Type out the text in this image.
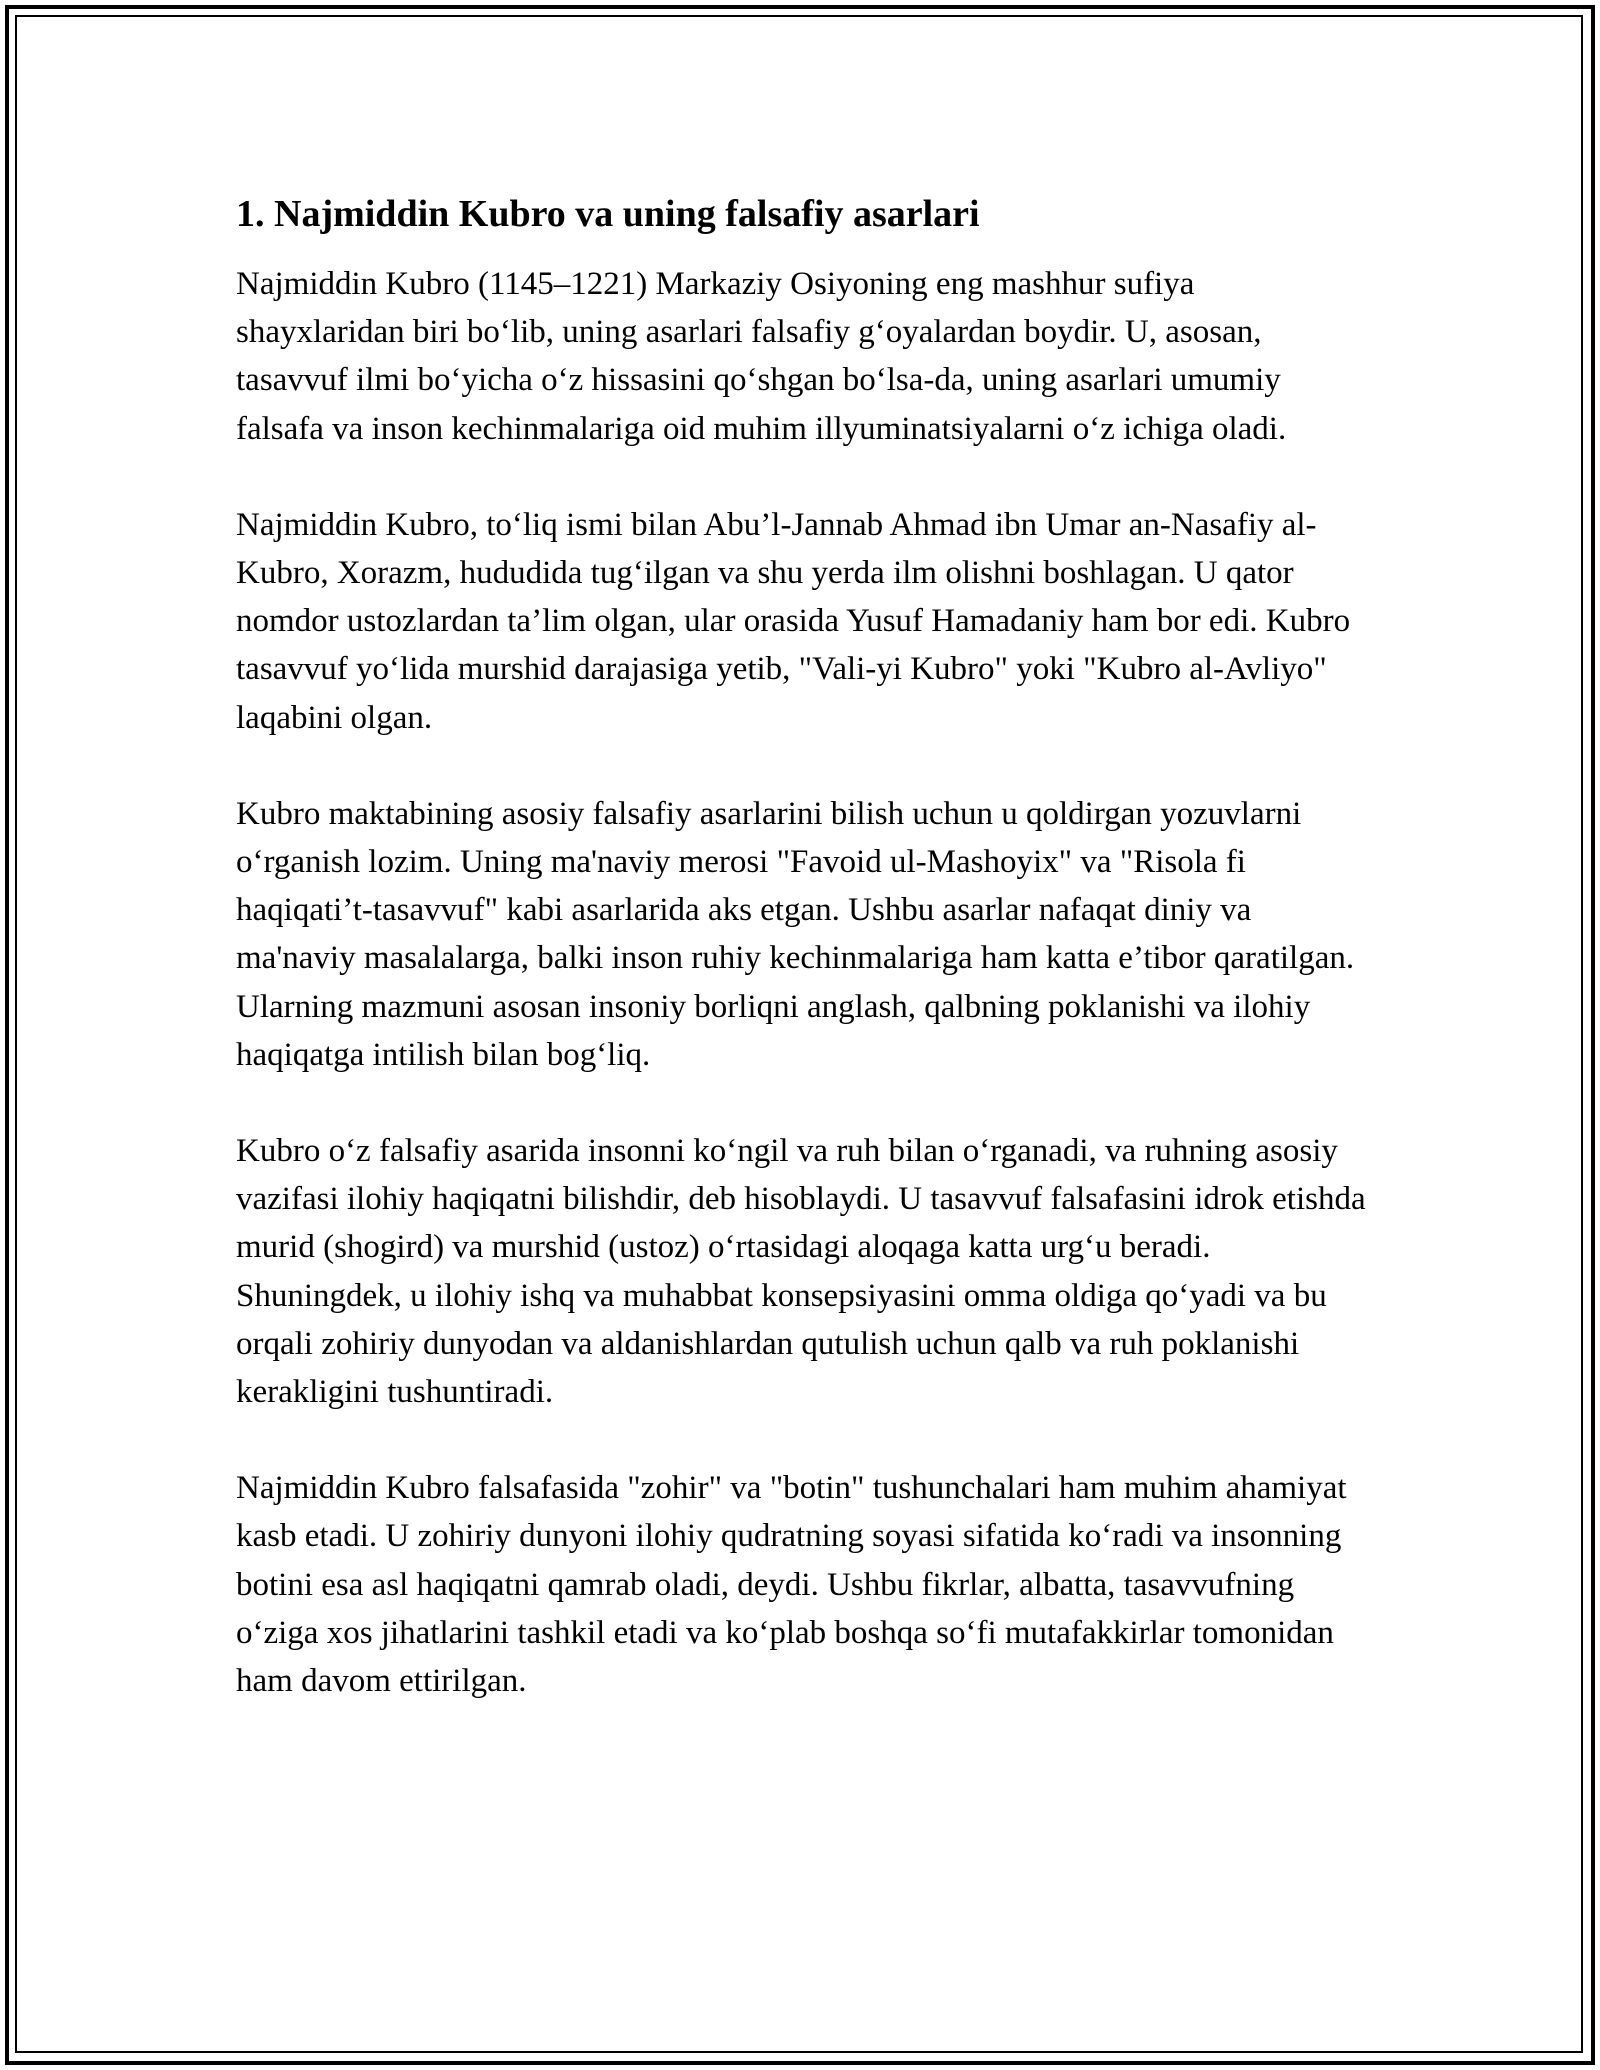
1. Najmiddin Kubro va uning falsafiy asarlari

Najmiddin Kubro (1145–1221) Markaziy Osiyoning eng mashhur sufiya shayxlaridan biri bo‘lib, uning asarlari falsafiy g‘oyalardan boydir. U, asosan, tasavvuf ilmi bo‘yicha o‘z hissasini qo‘shgan bo‘lsa-da, uning asarlari umumiy falsafa va inson kechinmalariga oid muhim illyuminatsiyalarni o‘z ichiga oladi.

Najmiddin Kubro, to‘liq ismi bilan Abu’l-Jannab Ahmad ibn Umar an-Nasafiy al-Kubro, Xorazm, hududida tug‘ilgan va shu yerda ilm olishni boshlagan. U qator nomdor ustozlardan ta’lim olgan, ular orasida Yusuf Hamadaniy ham bor edi. Kubro tasavvuf yo‘lida murshid darajasiga yetib, "Vali-yi Kubro" yoki "Kubro al-Avliyo" laqabini olgan.

Kubro maktabining asosiy falsafiy asarlarini bilish uchun u qoldirgan yozuvlarni o‘rganish lozim. Uning ma'naviy merosi "Favoid ul-Mashoyix" va "Risola fi haqiqati’t-tasavvuf" kabi asarlarida aks etgan. Ushbu asarlar nafaqat diniy va ma'naviy masalalarga, balki inson ruhiy kechinmalariga ham katta e’tibor qaratilgan. Ularning mazmuni asosan insoniy borliqni anglash, qalbning poklanishi va ilohiy haqiqatga intilish bilan bog‘liq.

Kubro o‘z falsafiy asarida insonni ko‘ngil va ruh bilan o‘rganadi, va ruhning asosiy vazifasi ilohiy haqiqatni bilishdir, deb hisoblaydi. U tasavvuf falsafasini idrok etishda murid (shogird) va murshid (ustoz) o‘rtasidagi aloqaga katta urg‘u beradi. Shuningdek, u ilohiy ishq va muhabbat konsepsiyasini omma oldiga qo‘yadi va bu orqali zohiriy dunyodan va aldanishlardan qutulish uchun qalb va ruh poklanishi kerakligini tushuntiradi.

Najmiddin Kubro falsafasida "zohir" va "botin" tushunchalari ham muhim ahamiyat kasb etadi. U zohiriy dunyoni ilohiy qudratning soyasi sifatida ko‘radi va insonning botini esa asl haqiqatni qamrab oladi, deydi. Ushbu fikrlar, albatta, tasavvufning o‘ziga xos jihatlarini tashkil etadi va ko‘plab boshqa so‘fi mutafakkirlar tomonidan ham davom ettirilgan.
